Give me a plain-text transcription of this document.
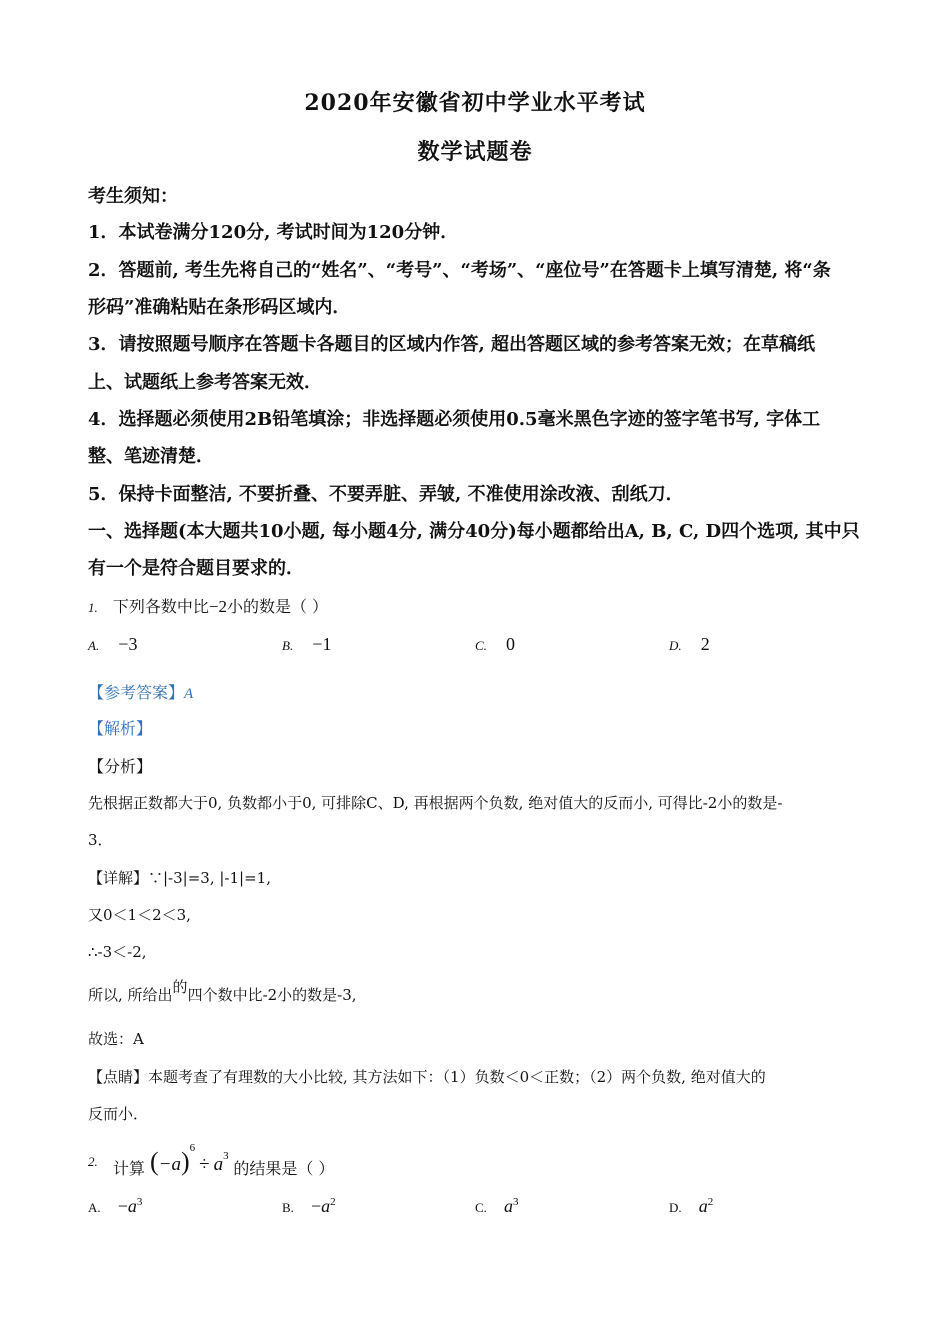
2020年安徽省初中学业水平考试
数学试题卷
考生须知：
1．本试卷满分120分, 考试时间为120分钟．
2．答题前, 考生先将自己的“姓名”、“考号”、“考场”、“座位号”在答题卡上填写清楚, 将“条
形码”准确粘贴在条形码区域内．
3．请按照题号顺序在答题卡各题目的区域内作答, 超出答题区域的参考答案无效；在草稿纸
上、试题纸上参考答案无效．
4．选择题必须使用2B铅笔填涂；非选择题必须使用0.5毫米黑色字迹的签字笔书写, 字体工
整、笔迹清楚．
5．保持卡面整洁, 不要折叠、不要弄脏、弄皱, 不准使用涂改液、刮纸刀．
一、选择题(本大题共10小题, 每小题4分, 满分40分)每小题都给出A, B, C, D四个选项, 其中只
有一个是符合题目要求的．
1. 下列各数中比−2小的数是（ ）
A. −3	B. −1	C. 0	D. 2
【参考答案】A
【解析】
【分析】
先根据正数都大于0, 负数都小于0, 可排除C、D, 再根据两个负数, 绝对值大的反而小, 可得比-2小的数是-
3．
【详解】∵|-3|=3, |-1|=1,
又0＜1＜2＜3,
∴-3＜-2,
所以, 所给出的四个数中比-2小的数是-3,
故选：A
【点睛】本题考查了有理数的大小比较, 其方法如下：（1）负数＜0＜正数；（2）两个负数, 绝对值大的
反而小．
2. 计算 $(-a)^6\div a^3$ 的结果是（ ）
A. $-a^3$	B. $-a^2$	C. $a^3$	D. $a^2$
